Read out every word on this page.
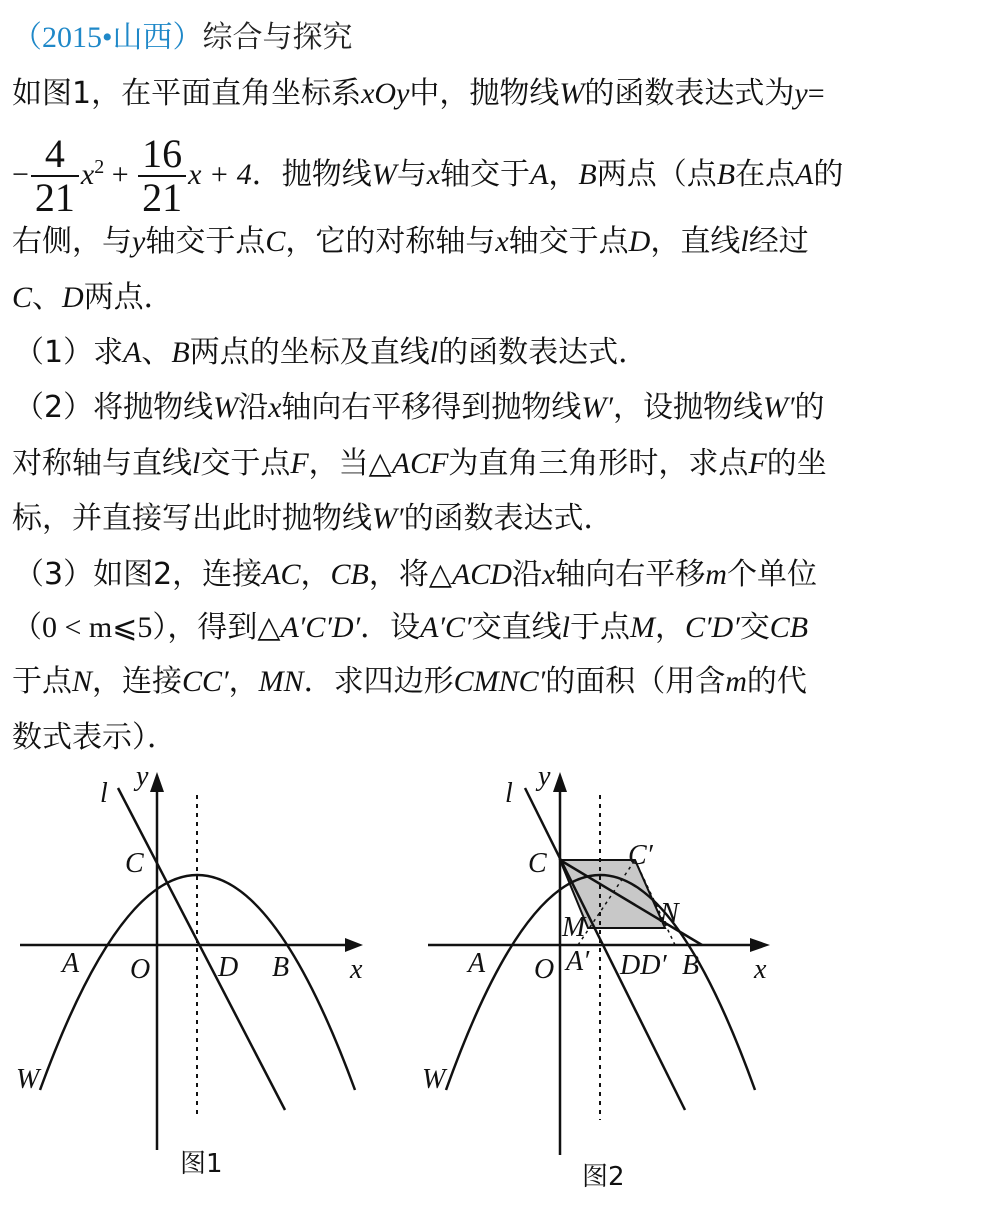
（2015•山西）综合与探究
如图1，在平面直角坐标系xOy中，抛物线W的函数表达式为y=
− $\frac{4}{21} x^2 + \frac{16}{21}$ x + 4．抛物线W与x轴交于A，B两点（点B在点A的
右侧，与y轴交于点C，它的对称轴与x轴交于点D，直线l经过
C、D两点．
（1）求A、B两点的坐标及直线l的函数表达式．
（2）将抛物线W沿x轴向右平移得到抛物线W′，设抛物线W′的
对称轴与直线l交于点F，当△ACF为直角三角形时，求点F的坐
标，并直接写出此时抛物线W′的函数表达式．
（3）如图2，连接AC，CB，将△ACD沿x轴向右平移m个单位
（0 < m⩽5），得到△A′C′D′．设A′C′交直线l于点M，C′D′交CB
于点N，连接CC′，MN．求四边形CMNC′的面积（用含m的代
数式表示）．
y
x
l
C
A O D B
W
图1
y
x
l
C	C′
M	N
A O A′ DD′ B
W
图2
